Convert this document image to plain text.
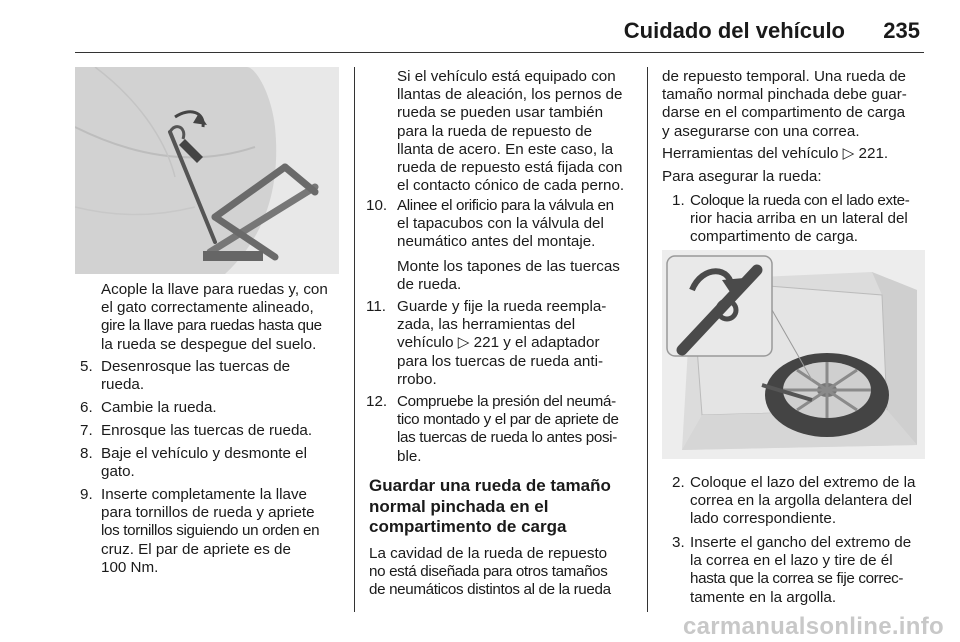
Cuidado del vehículo 235
Acople la llave para ruedas y, con
el gato correctamente alineado,
gire la llave para ruedas hasta que
la rueda se despegue del suelo.
5. Desenrosque las tuercas de
rueda.
6. Cambie la rueda.
7. Enrosque las tuercas de rueda.
8. Baje el vehículo y desmonte el
gato.
9. Inserte completamente la llave
para tornillos de rueda y apriete
los tornillos siguiendo un orden en
cruz. El par de apriete es de
100 Nm.
Si el vehículo está equipado con
llantas de aleación, los pernos de
rueda se pueden usar también
para la rueda de repuesto de
llanta de acero. En este caso, la
rueda de repuesto está fijada con
el contacto cónico de cada perno.
10. Alinee el orificio para la válvula en
el tapacubos con la válvula del
neumático antes del montaje.
Monte los tapones de las tuercas
de rueda.
11. Guarde y fije la rueda reempla-
zada, las herramientas del
vehículo ▷ 221 y el adaptador
para los tuercas de rueda anti-
rrobo.
12. Compruebe la presión del neumá-
tico montado y el par de apriete de
las tuercas de rueda lo antes posi-
ble.
Guardar una rueda de tamaño
normal pinchada en el
compartimento de carga
La cavidad de la rueda de repuesto
no está diseñada para otros tamaños
de neumáticos distintos al de la rueda
de repuesto temporal. Una rueda de
tamaño normal pinchada debe guar-
darse en el compartimento de carga
y asegurarse con una correa.
Herramientas del vehículo ▷ 221.
Para asegurar la rueda:
1. Coloque la rueda con el lado exte-
rior hacia arriba en un lateral del
compartimento de carga.
2. Coloque el lazo del extremo de la
correa en la argolla delantera del
lado correspondiente.
3. Inserte el gancho del extremo de
la correa en el lazo y tire de él
hasta que la correa se fije correc-
tamente en la argolla.
carmanualsonline.info
